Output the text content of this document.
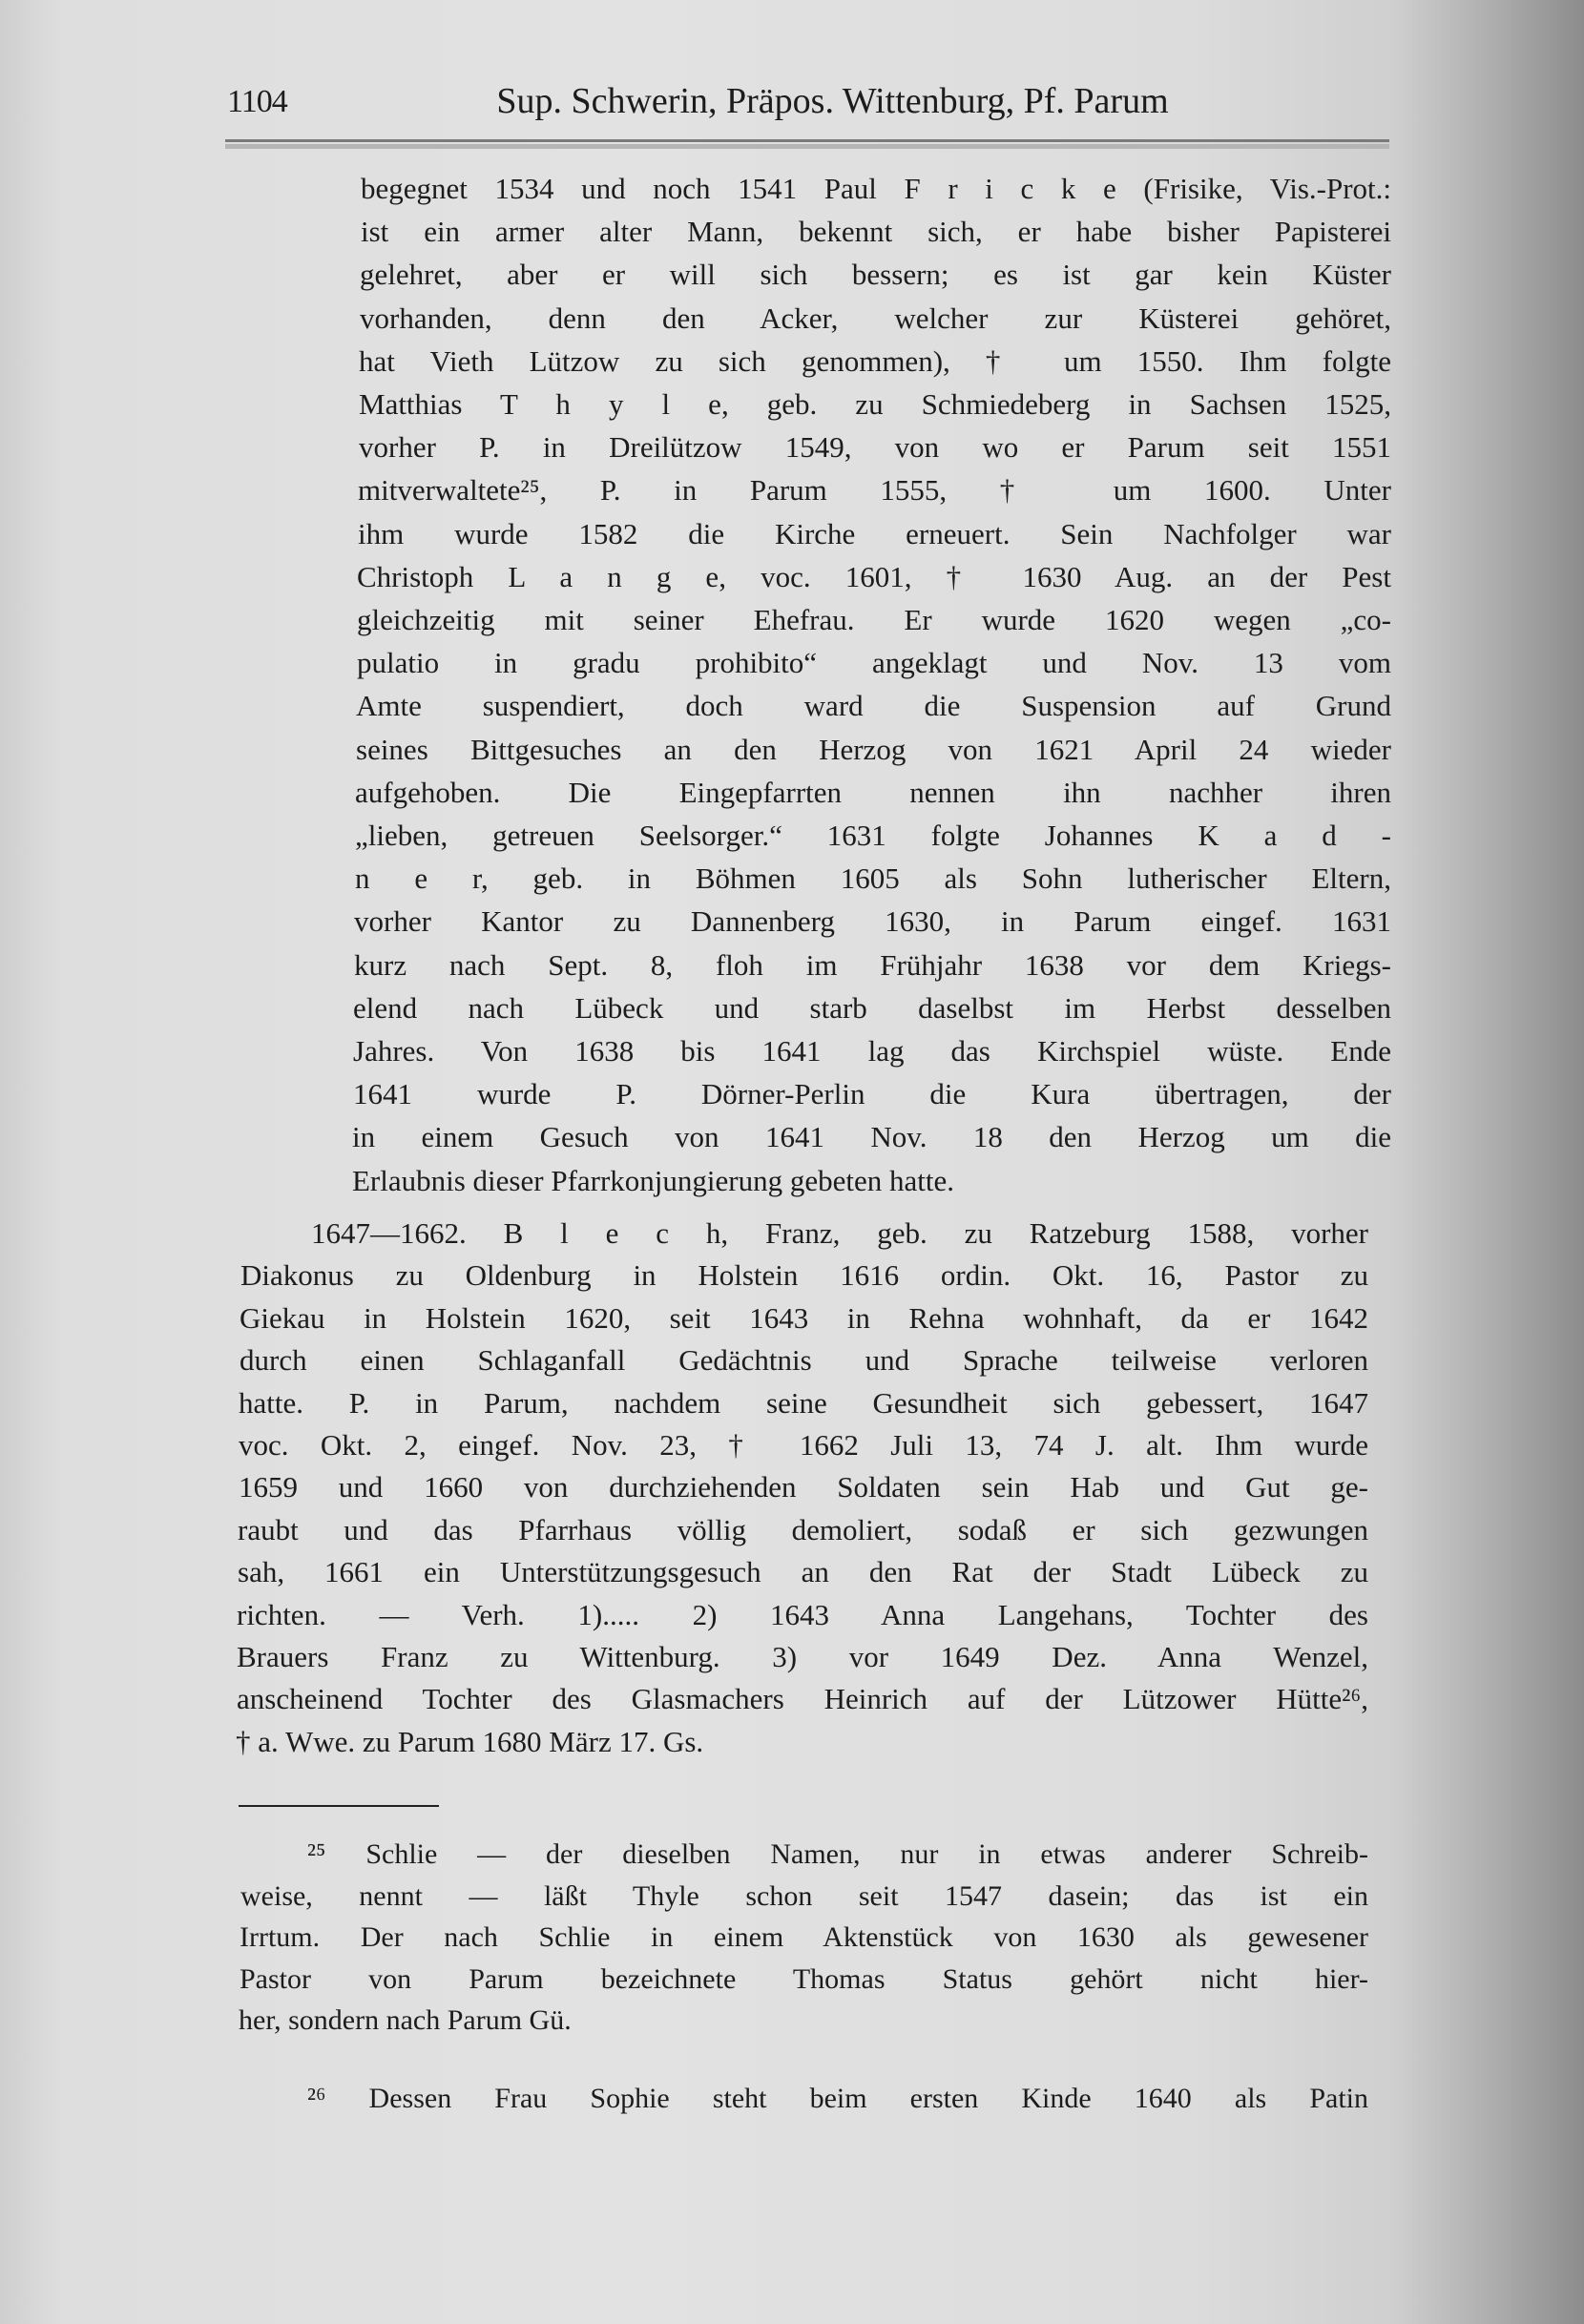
1104	Sup. Schwerin, Präpos. Wittenburg, Pf. Parum
begegnet 1534 und noch 1541 Paul F r i c k e (Frisike, Vis.-Prot.:
ist ein armer alter Mann, bekennt sich, er habe bisher Papisterei
gelehret, aber er will sich bessern; es ist gar kein Küster
vorhanden, denn den Acker, welcher zur Küsterei gehöret,
hat Vieth Lützow zu sich genommen), † um 1550. Ihm folgte
Matthias T h y l e, geb. zu Schmiedeberg in Sachsen 1525,
vorher P. in Dreilützow 1549, von wo er Parum seit 1551
mitverwaltete²⁵, P. in Parum 1555, † um 1600. Unter
ihm wurde 1582 die Kirche erneuert. Sein Nachfolger war
Christoph L a n g e, voc. 1601, † 1630 Aug. an der Pest
gleichzeitig mit seiner Ehefrau. Er wurde 1620 wegen „co-
pulatio in gradu prohibito“ angeklagt und Nov. 13 vom
Amte suspendiert, doch ward die Suspension auf Grund
seines Bittgesuches an den Herzog von 1621 April 24 wieder
aufgehoben. Die Eingepfarrten nennen ihn nachher ihren
„lieben, getreuen Seelsorger.“ 1631 folgte Johannes K a d -
n e r, geb. in Böhmen 1605 als Sohn lutherischer Eltern,
vorher Kantor zu Dannenberg 1630, in Parum eingef. 1631
kurz nach Sept. 8, floh im Frühjahr 1638 vor dem Kriegs-
elend nach Lübeck und starb daselbst im Herbst desselben
Jahres. Von 1638 bis 1641 lag das Kirchspiel wüste. Ende
1641 wurde P. Dörner-Perlin die Kura übertragen, der
in einem Gesuch von 1641 Nov. 18 den Herzog um die
Erlaubnis dieser Pfarrkonjungierung gebeten hatte.
1647—1662. B l e c h, Franz, geb. zu Ratzeburg 1588, vorher
Diakonus zu Oldenburg in Holstein 1616 ordin. Okt. 16, Pastor zu
Giekau in Holstein 1620, seit 1643 in Rehna wohnhaft, da er 1642
durch einen Schlaganfall Gedächtnis und Sprache teilweise verloren
hatte. P. in Parum, nachdem seine Gesundheit sich gebessert, 1647
voc. Okt. 2, eingef. Nov. 23, † 1662 Juli 13, 74 J. alt. Ihm wurde
1659 und 1660 von durchziehenden Soldaten sein Hab und Gut ge-
raubt und das Pfarrhaus völlig demoliert, sodaß er sich gezwungen
sah, 1661 ein Unterstützungsgesuch an den Rat der Stadt Lübeck zu
richten. — Verh. 1)..... 2) 1643 Anna Langehans, Tochter des
Brauers Franz zu Wittenburg. 3) vor 1649 Dez. Anna Wenzel,
anscheinend Tochter des Glasmachers Heinrich auf der Lützower Hütte²⁶,
† a. Wwe. zu Parum 1680 März 17. Gs.
²⁵ Schlie — der dieselben Namen, nur in etwas anderer Schreib-
weise, nennt — läßt Thyle schon seit 1547 dasein; das ist ein
Irrtum. Der nach Schlie in einem Aktenstück von 1630 als gewesener
Pastor von Parum bezeichnete Thomas Status gehört nicht hier-
her, sondern nach Parum Gü.
²⁶ Dessen Frau Sophie steht beim ersten Kinde 1640 als Patin
